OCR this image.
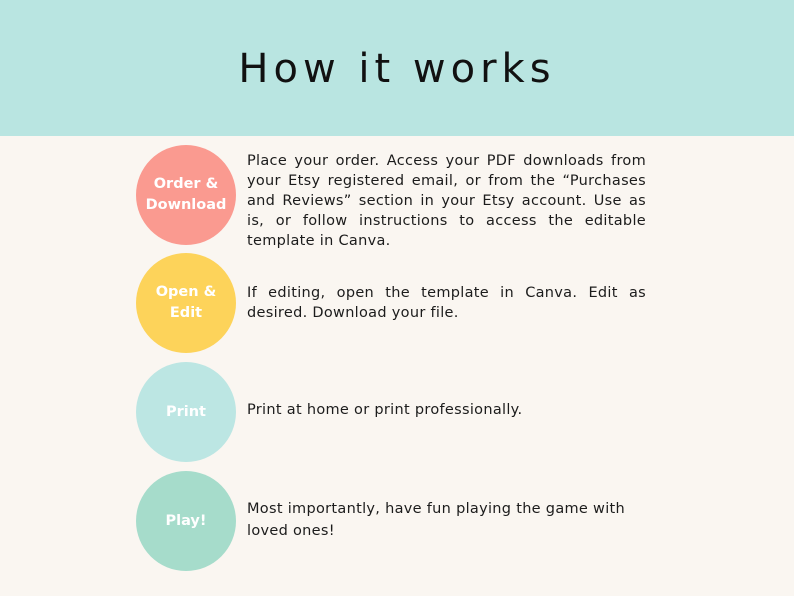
How it works
Order &
Download
Place your order. Access your PDF downloads from your Etsy registered email, or from the “Purchases and Reviews” section in your Etsy account. Use as is, or follow instructions to access the editable template in Canva.
Open &
Edit
If editing, open the template in Canva. Edit as desired. Download your file.
Print	Print at home or print professionally.
Play!
Most importantly, have fun playing the game with loved ones!
